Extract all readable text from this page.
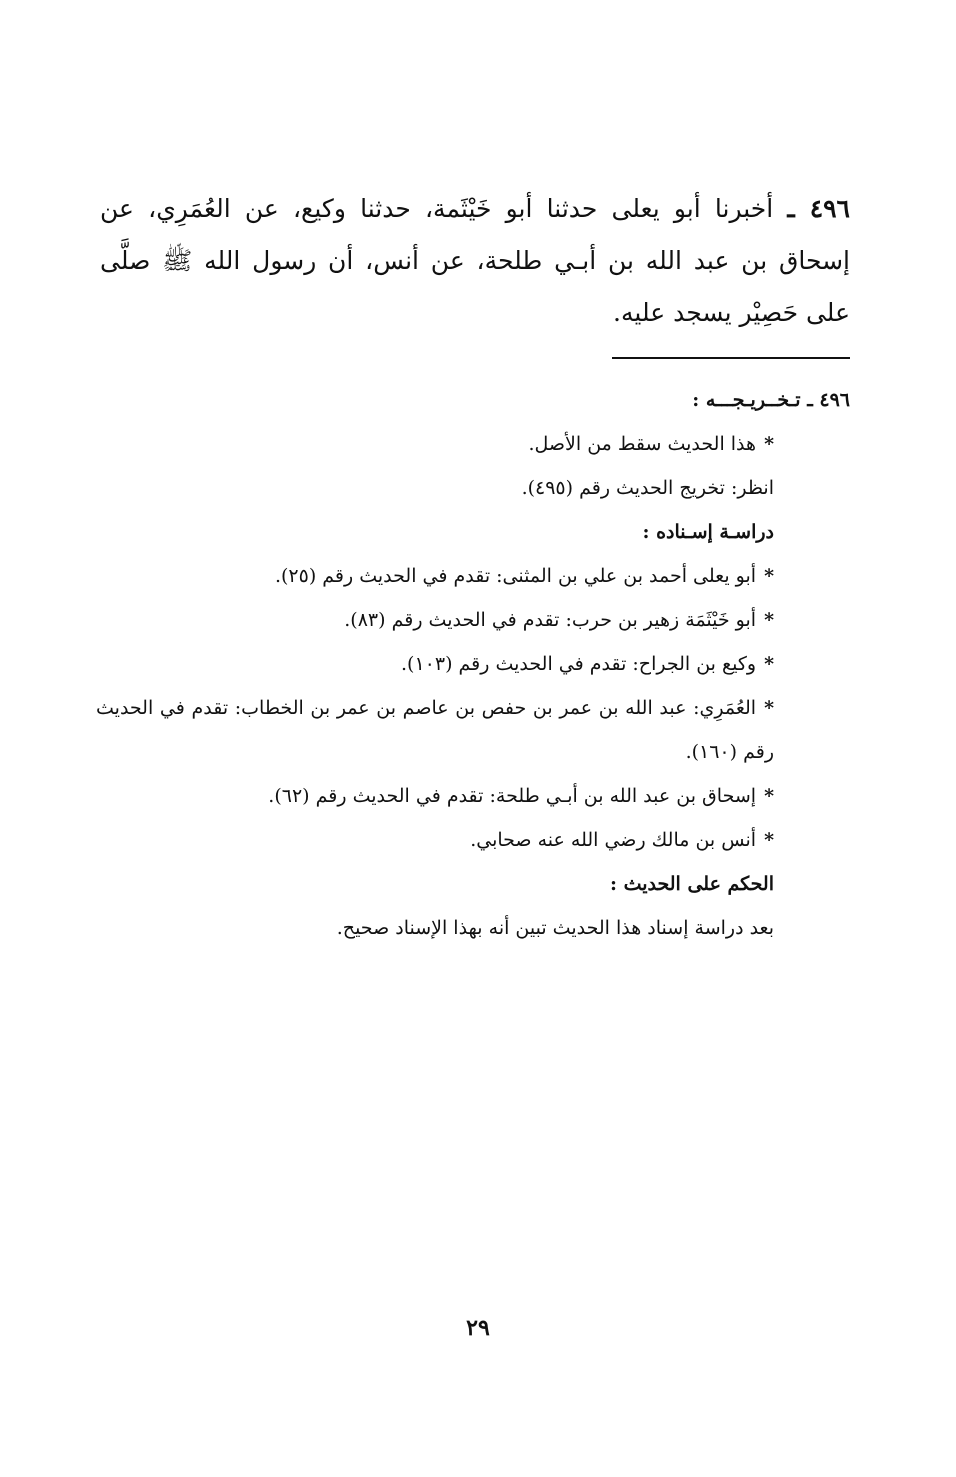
٤٩٦ ـ أخبرنا أبو يعلى حدثنا أبو خَيْثَمة، حدثنا وكيع، عن العُمَرِي، عن إسحاق بن عبد الله بن أبـي طلحة، عن أنس، أن رسول الله ﷺ صلَّى على حَصِيْر يسجد عليه.

٤٩٦ ـ تـخــريـجـــه :
*هذا الحديث سقط من الأصل.
انظر: تخريج الحديث رقم (٤٩٥).
دراسـة إسـناده :
*أبو يعلى أحمد بن علي بن المثنى: تقدم في الحديث رقم (٢٥).
*أبو خَيْثَمَة زهير بن حرب: تقدم في الحديث رقم (٨٣).
*وكيع بن الجراح: تقدم في الحديث رقم (١٠٣).
*العُمَرِي: عبد الله بن عمر بن حفص بن عاصم بن عمر بن الخطاب: تقدم في الحديث رقم (١٦٠).
*إسحاق بن عبد الله بن أبـي طلحة: تقدم في الحديث رقم (٦٢).
*أنس بن مالك رضي الله عنه صحابي.
الحكم على الحديث :
بعد دراسة إسناد هذا الحديث تبين أنه بهذا الإسناد صحيح.
٢٩
